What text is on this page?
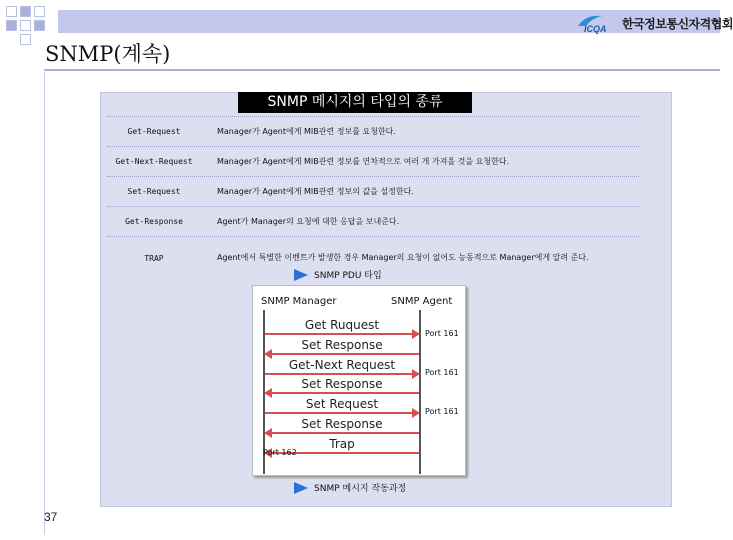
ICQA 한국정보통신자격협회
SNMP(계속)
SNMP 메시지의 타입의 종류
Get-Request	Manager가 Agent에게 MIB관련 정보를 요청한다.
Get-Next-Request	Manager가 Agent에게 MIB관련 정보를 연차적으로 여러 개 가져올 것을 요청한다.
Set-Request	Manager가 Agent에게 MIB관련 정보의 값을 설정한다.
Get-Response	Agent가 Manager의 요청에 대한 응답을 보내준다.
TRAP	Agent에서 특별한 이벤트가 발생한 경우 Manager의 요청이 없어도 능동적으로 Manager에게 알려 준다.
SNMP PDU 타입
SNMP Manager	SNMP Agent
Get Ruquest
Set Response
Get-Next Request
Set Response
Set Request
Set Response
Trap
Port 161
Port 161
Port 161
Port 162
SNMP 메시지 작동과정
37
